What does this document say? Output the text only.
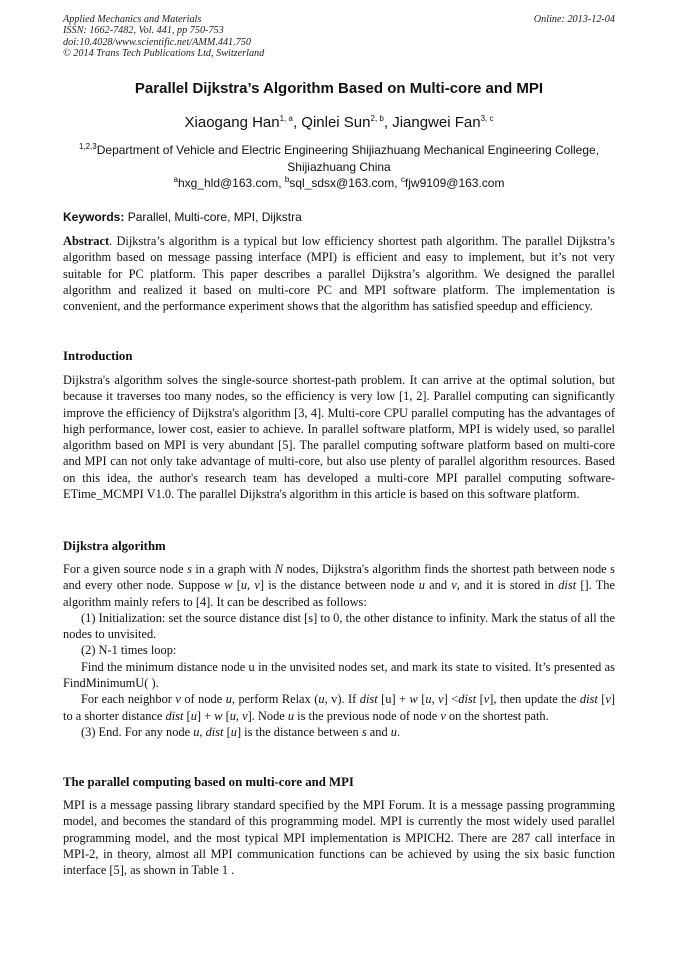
Applied Mechanics and Materials
ISSN: 1662-7482, Vol. 441, pp 750-753
doi:10.4028/www.scientific.net/AMM.441.750
© 2014 Trans Tech Publications Ltd, Switzerland
Online: 2013-12-04
Parallel Dijkstra’s Algorithm Based on Multi-core and MPI
Xiaogang Han$^{1, a}$, Qinlei Sun$^{2, b}$, Jiangwei Fan$^{3, c}$
$^{1,2,3}$Department of Vehicle and Electric Engineering Shijiazhuang Mechanical Engineering College, Shijiazhuang China
$^a$hxg_hld@163.com, $^b$sql_sdsx@163.com, $^c$fjw9109@163.com
Keywords: Parallel, Multi-core, MPI, Dijkstra
Abstract. Dijkstra’s algorithm is a typical but low efficiency shortest path algorithm. The parallel Dijkstra’s algorithm based on message passing interface (MPI) is efficient and easy to implement, but it’s not very suitable for PC platform. This paper describes a parallel Dijkstra’s algorithm. We designed the parallel algorithm and realized it based on multi-core PC and MPI software platform. The implementation is convenient, and the performance experiment shows that the algorithm has satisfied speedup and efficiency.
Introduction
Dijkstra's algorithm solves the single-source shortest-path problem. It can arrive at the optimal solution, but because it traverses too many nodes, so the efficiency is very low [1, 2]. Parallel computing can significantly improve the efficiency of Dijkstra's algorithm [3, 4]. Multi-core CPU parallel computing has the advantages of high performance, lower cost, easier to achieve. In parallel software platform, MPI is widely used, so parallel algorithm based on MPI is very abundant [5]. The parallel computing software platform based on multi-core and MPI can not only take advantage of multi-core, but also use plenty of parallel algorithm resources. Based on this idea, the author's research team has developed a multi-core MPI parallel computing software-ETime_MCMPI V1.0. The parallel Dijkstra's algorithm in this article is based on this software platform.
Dijkstra algorithm
For a given source node s in a graph with N nodes, Dijkstra's algorithm finds the shortest path between node s and every other node. Suppose w [u, v] is the distance between node u and v, and it is stored in dist []. The algorithm mainly refers to [4]. It can be described as follows:
(1) Initialization: set the source distance dist [s] to 0, the other distance to infinity. Mark the status of all the nodes to unvisited.
(2) N-1 times loop:
Find the minimum distance node u in the unvisited nodes set, and mark its state to visited. It’s presented as FindMinimumU( ).
For each neighbor v of node u, perform Relax (u, v). If dist [u] + w [u, v] <dist [v], then update the dist [v] to a shorter distance dist [u] + w [u, v]. Node u is the previous node of node v on the shortest path.
(3) End. For any node u, dist [u] is the distance between s and u.
The parallel computing based on multi-core and MPI
MPI is a message passing library standard specified by the MPI Forum. It is a message passing programming model, and becomes the standard of this programming model. MPI is currently the most widely used parallel programming model, and the most typical MPI implementation is MPICH2. There are 287 call interface in MPI-2, in theory, almost all MPI communication functions can be achieved by using the six basic function interface [5], as shown in Table 1 .
